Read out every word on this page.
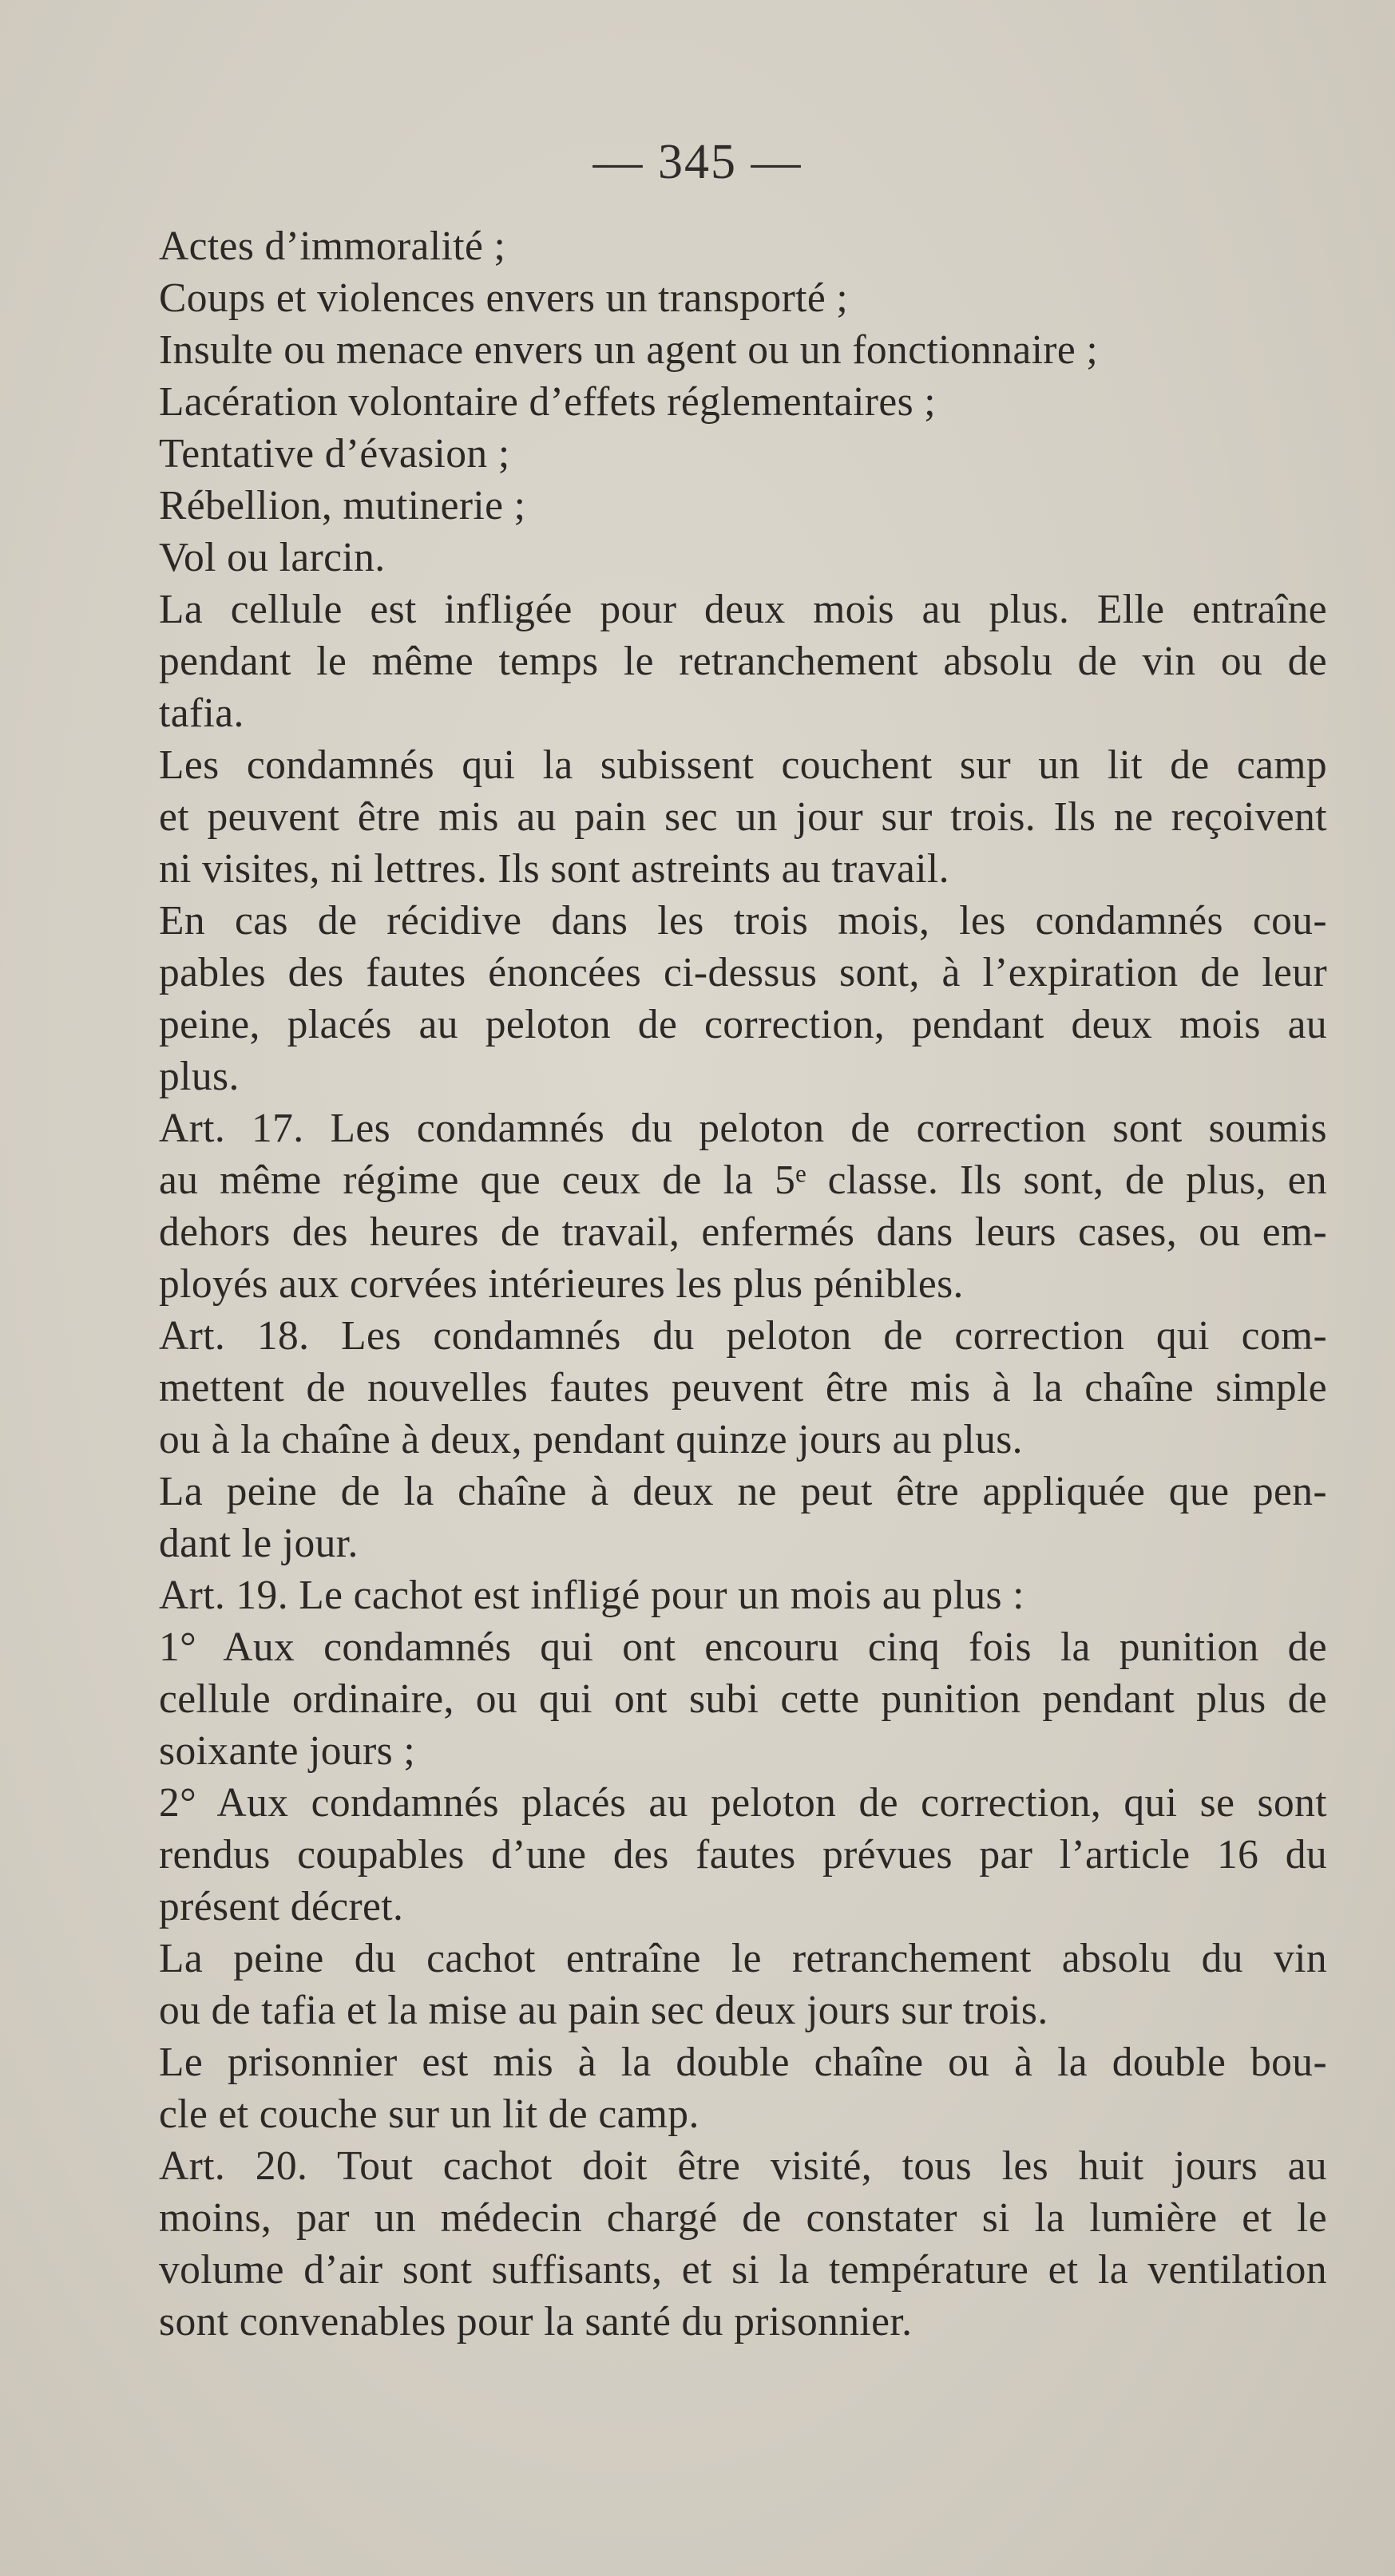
— 345 —
Actes d’immoralité ;
Coups et violences envers un transporté ;
Insulte ou menace envers un agent ou un fonctionnaire ;
Lacération volontaire d’effets réglementaires ;
Tentative d’évasion ;
Rébellion, mutinerie ;
Vol ou larcin.
La cellule est infligée pour deux mois au plus. Elle entraîne
pendant le même temps le retranchement absolu de vin ou de
tafia.
Les condamnés qui la subissent couchent sur un lit de camp
et peuvent être mis au pain sec un jour sur trois. Ils ne reçoivent
ni visites, ni lettres. Ils sont astreints au travail.
En cas de récidive dans les trois mois, les condamnés cou-
pables des fautes énoncées ci-dessus sont, à l’expiration de leur
peine, placés au peloton de correction, pendant deux mois au
plus.
Art. 17. Les condamnés du peloton de correction sont soumis
au même régime que ceux de la 5ᵉ classe. Ils sont, de plus, en
dehors des heures de travail, enfermés dans leurs cases, ou em-
ployés aux corvées intérieures les plus pénibles.
Art. 18. Les condamnés du peloton de correction qui com-
mettent de nouvelles fautes peuvent être mis à la chaîne simple
ou à la chaîne à deux, pendant quinze jours au plus.
La peine de la chaîne à deux ne peut être appliquée que pen-
dant le jour.
Art. 19. Le cachot est infligé pour un mois au plus :
1° Aux condamnés qui ont encouru cinq fois la punition de
cellule ordinaire, ou qui ont subi cette punition pendant plus de
soixante jours ;
2° Aux condamnés placés au peloton de correction, qui se sont
rendus coupables d’une des fautes prévues par l’article 16 du
présent décret.
La peine du cachot entraîne le retranchement absolu du vin
ou de tafia et la mise au pain sec deux jours sur trois.
Le prisonnier est mis à la double chaîne ou à la double bou-
cle et couche sur un lit de camp.
Art. 20. Tout cachot doit être visité, tous les huit jours au
moins, par un médecin chargé de constater si la lumière et le
volume d’air sont suffisants, et si la température et la ventilation
sont convenables pour la santé du prisonnier.
